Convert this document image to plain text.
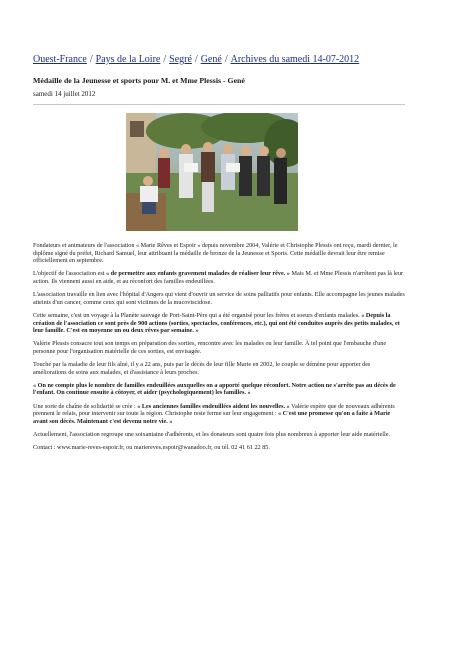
Ouest-France / Pays de la Loire / Segré / Gené / Archives du samedi 14-07-2012
Médaille de la Jeunesse et sports pour M. et Mme Plessis - Gené
samedi 14 juillet 2012

Fondateurs et animateurs de l'association « Marie Rêves et Espoir » depuis novembre 2004, Valérie et Christophe Plessis ont reçu, mardi dernier, le diplôme signé du préfet, Richard Samuel, leur attribuant la médaille de bronze de la Jeunesse et Sports. Cette médaille devrait leur être remise officiellement en septembre.

L'objectif de l'association est « de permettre aux enfants gravement malades de réaliser leur rêve. » Mais M. et Mme Plessis n'arrêtent pas là leur action. Ils viennent aussi en aide, et au réconfort des familles endeuillées.

L'association travaille en lien avec l'hôpital d'Angers qui vient d'ouvrir un service de soins palliatifs pour enfants. Elle accompagne les jeunes malades atteints d'un cancer, comme ceux qui sont victimes de la mucoviscidose.

Cette semaine, c'est un voyage à la Planète sauvage de Port-Saint-Père qui a été organisé pour les frères et soeurs d'enfants malades. « Depuis la création de l'association ce sont près de 900 actions (sorties, spectacles, conférences, etc.), qui ont été conduites auprès des petits malades, et leur famille. C'est en moyenne un ou deux rêves par semaine. »

Valérie Plessis consacre tout son temps en préparation des sorties, rencontre avec les malades ou leur famille. À tel point que l'embauche d'une personne pour l'organisation matérielle de ces sorties, est envisagée.

Touché par la maladie de leur fils aîné, il y a 22 ans, puis par le décès de leur fille Marie en 2002, le couple se démène pour apporter des améliorations de soins aux malades, et d'assistance à leurs proches.

« On ne compte plus le nombre de familles endeuillées auxquelles on a apporté quelque réconfort. Notre action ne s'arrête pas au décès de l'enfant. On continue ensuite à côtoyer, et aider (psychologiquement) les familles. »

Une sorte de chaîne de solidarité se crée : « Les anciennes familles endeuillées aident les nouvelles. » Valérie espère que de nouveaux adhérents prennent le relais, pour intervenir sur toute la région. Christophe reste ferme sur leur engagement : « C'est une promesse qu'on a faite à Marie avant son décès. Maintenant c'est devenu notre vie. »

Actuellement, l'association regroupe une soixantaine d'adhérents, et les donateurs sont quatre fois plus nombreux à apporter leur aide matérielle.

Contact : www.marie-reves-espoir.fr, ou mariereves.espoir@wanadoo.fr, ou tél. 02 41 61 22 85.
